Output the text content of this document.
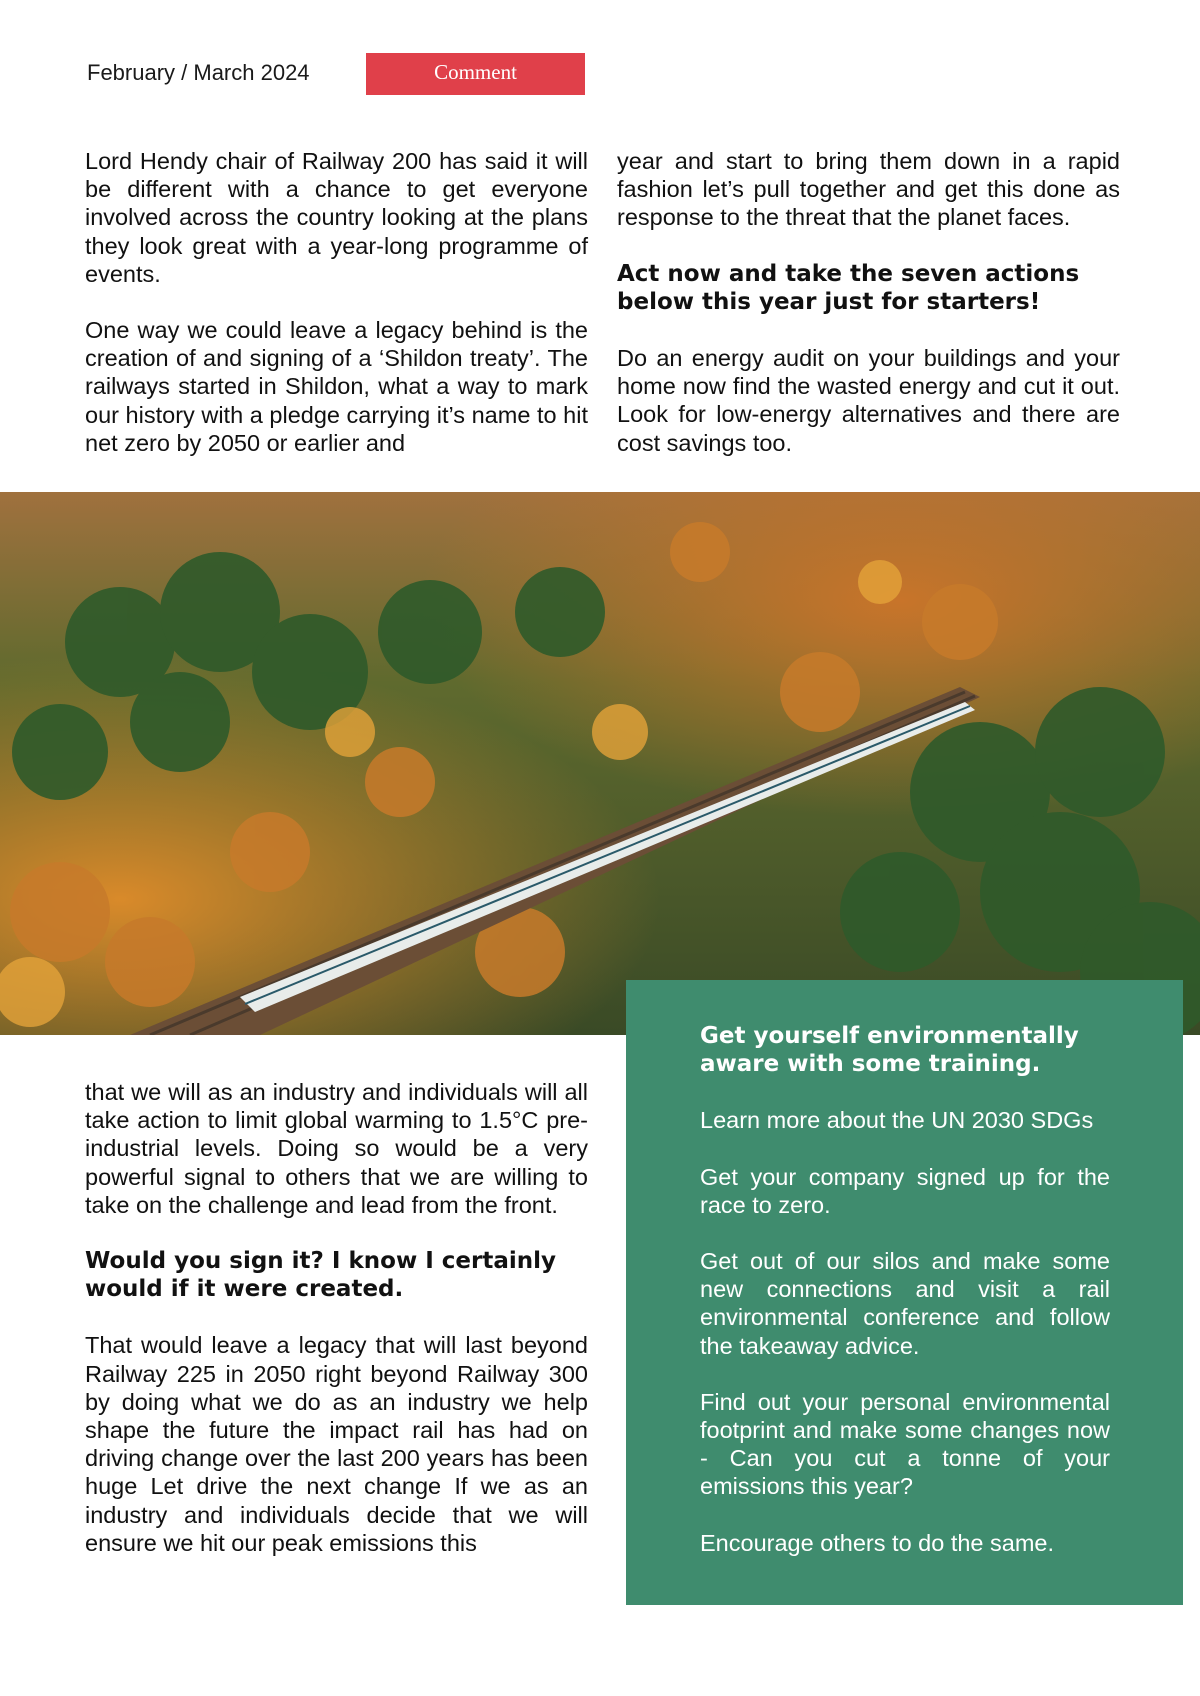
February / March 2024	Comment

Lord Hendy chair of Railway 200 has said it will be different with a chance to get everyone involved across the country looking at the plans they look great with a year-long programme of events.

One way we could leave a legacy behind is the creation of and signing of a ‘Shildon treaty’. The railways started in Shildon, what a way to mark our history with a pledge carrying it’s name to hit net zero by 2050 or earlier and

year and start to bring them down in a rapid fashion let’s pull together and get this done as response to the threat that the planet faces.

Act now and take the seven actions below this year just for starters!

Do an energy audit on your buildings and your home now find the wasted energy and cut it out. Look for low-energy alternatives and there are cost savings too.

that we will as an industry and individuals will all take action to limit global warming to 1.5°C pre-industrial levels. Doing so would be a very powerful signal to others that we are willing to take on the challenge and lead from the front.

Would you sign it? I know I certainly would if it were created.

That would leave a legacy that will last beyond Railway 225 in 2050 right beyond Railway 300 by doing what we do as an industry we help shape the future the impact rail has had on driving change over the last 200 years has been huge Let drive the next change If we as an industry and individuals decide that we will ensure we hit our peak emissions this

Get yourself environmentally aware with some training.

Learn more about the UN 2030 SDGs

Get your company signed up for the race to zero.

Get out of our silos and make some new connections and visit a rail environmental conference and follow the takeaway advice.

Find out your personal environmental footprint and make some changes now - Can you cut a tonne of your emissions this year?

Encourage others to do the same.
